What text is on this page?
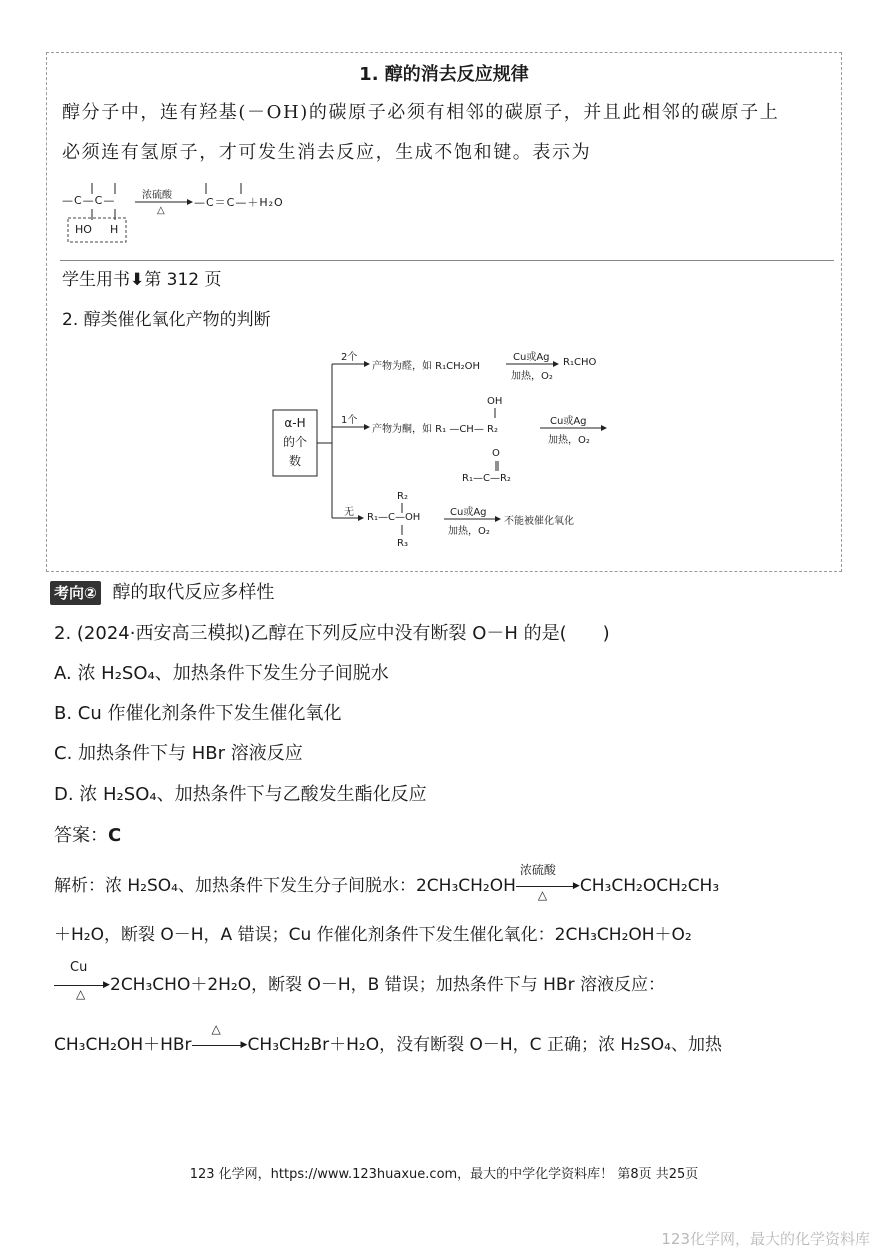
1. 醇的消去反应规律
醇分子中，连有羟基(－OH)的碳原子必须有相邻的碳原子，并且此相邻的碳原子上
必须连有氢原子，才可发生消去反应，生成不饱和键。表示为
—C—C—
HO H
浓硫酸
△
—C＝C—＋H₂O
学生用书⬇第 312 页
2. 醇类催化氧化产物的判断
α-H
的个
数
2个
产物为醛，如 R₁CH₂OH
Cu或Ag
加热，O₂
R₁CHO
1个
OH
产物为酮，如 R₁ —CH— R₂
Cu或Ag
加热，O₂
O
R₁—C—R₂
无
R₂
R₁—C—OH
R₃
Cu或Ag
加热，O₂
不能被催化氧化
考向② 醇的取代反应多样性
2. (2024·西安高三模拟)乙醇在下列反应中没有断裂 O－H 的是(　　)
A. 浓 H₂SO₄、加热条件下发生分子间脱水
B. Cu 作催化剂条件下发生催化氧化
C. 加热条件下与 HBr 溶液反应
D. 浓 H₂SO₄、加热条件下与乙酸发生酯化反应
答案：C
解析：浓 H₂SO₄、加热条件下发生分子间脱水：2CH₃CH₂OH
浓硫酸
▶
△ CH₃CH₂OCH₂CH₃
＋H₂O，断裂 O－H，A 错误；Cu 作催化剂条件下发生催化氧化：2CH₃CH₂OH＋O₂
Cu
▶
△ 2CH₃CHO＋2H₂O，断裂 O－H，B 错误；加热条件下与 HBr 溶液反应：
CH₃CH₂OH＋HBr
△
▶ CH₃CH₂Br＋H₂O，没有断裂 O－H，C 正确；浓 H₂SO₄、加热
123 化学网，https://www.123huaxue.com，最大的中学化学资料库！ 第8页 共25页
123化学网，最大的化学资料库
